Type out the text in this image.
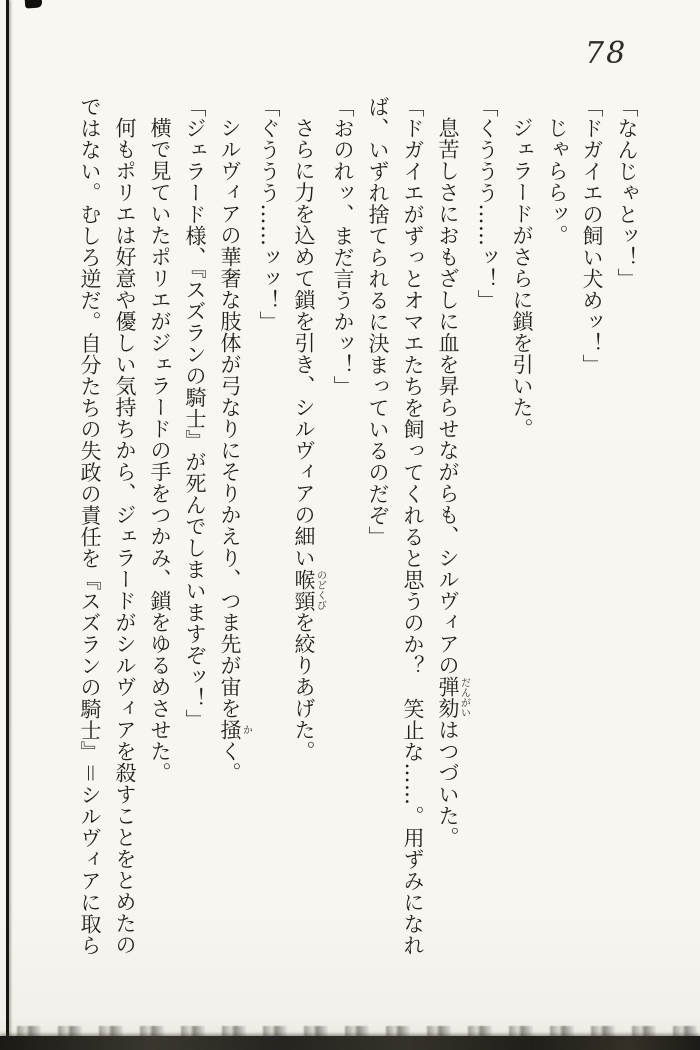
78

「なんじゃとッ！」

「ドガイエの飼い犬めッ！」

じゃららッ。

ジェラードがさらに鎖を引いた。

「くううう……ッ！」

息苦しさにおもざしに血を昇らせながらも、シルヴィアの弾劾だんがいはつづいた。

「ドガイエがずっとオマエたちを飼ってくれると思うのか？　笑止な……。用ずみになれ

ば、いずれ捨てられるに決まっているのだぞ」

「おのれッ、まだ言うかッ！」

さらに力を込めて鎖を引き、シルヴィアの細い喉頸のどくびを絞りあげた。

「ぐううう……ッッ！」

シルヴィアの華奢な肢体が弓なりにそりかえり、つま先が宙を掻かく。

「ジェラード様、『スズランの騎士』が死んでしまいますぞッ！」

横で見ていたポリエがジェラードの手をつかみ、鎖をゆるめさせた。

何もポリエは好意や優しい気持ちから、ジェラードがシルヴィアを殺すことをとめたの

ではない。むしろ逆だ。自分たちの失政の責任を『スズランの騎士』＝シルヴィアに取ら
